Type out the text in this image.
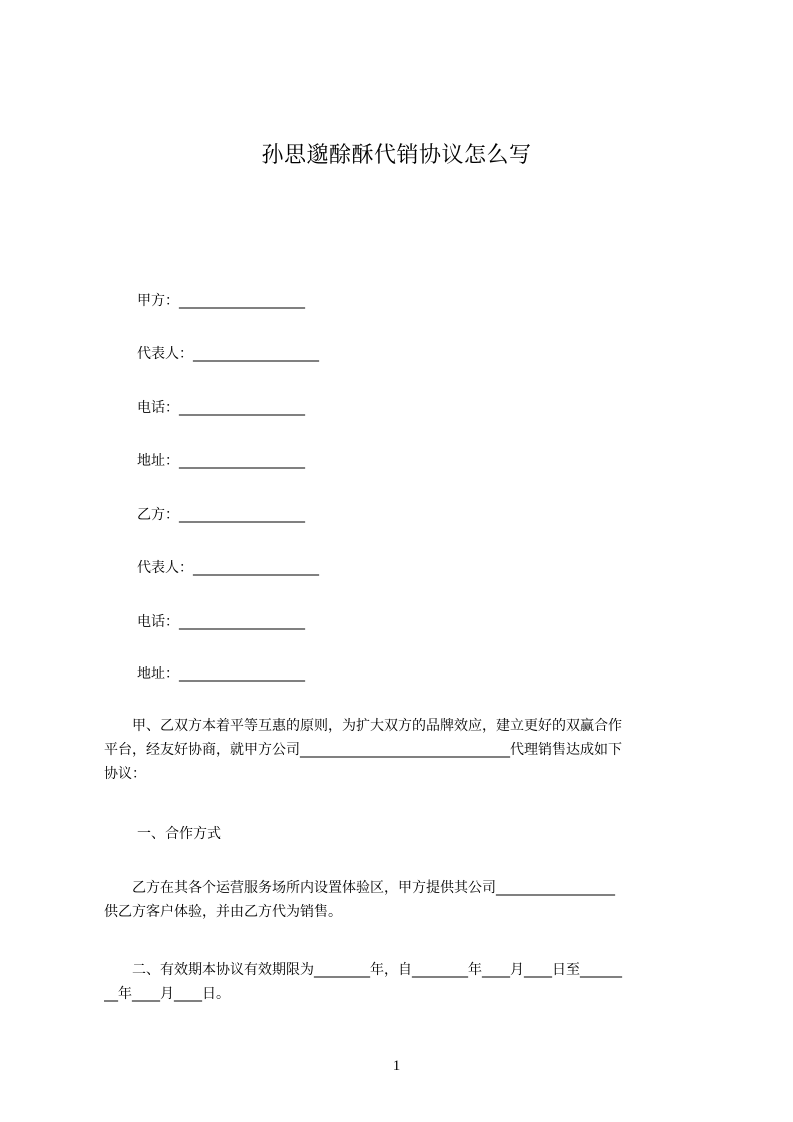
孙思邈酴酥代销协议怎么写
甲方：__________________
代表人：__________________
电话：__________________
地址：__________________
乙方：__________________
代表人：__________________
电话：__________________
地址：__________________
　　甲、乙双方本着平等互惠的原则，为扩大双方的品牌效应，建立更好的双赢合作
平台，经友好协商，就甲方公司______________________________代理销售达成如下
协议：
一、合作方式
　　乙方在其各个运营服务场所内设置体验区，甲方提供其公司_________________
供乙方客户体验，并由乙方代为销售。
　　二、有效期本协议有效期限为________年，自________年____月____日至______
__年____月____日。
1
